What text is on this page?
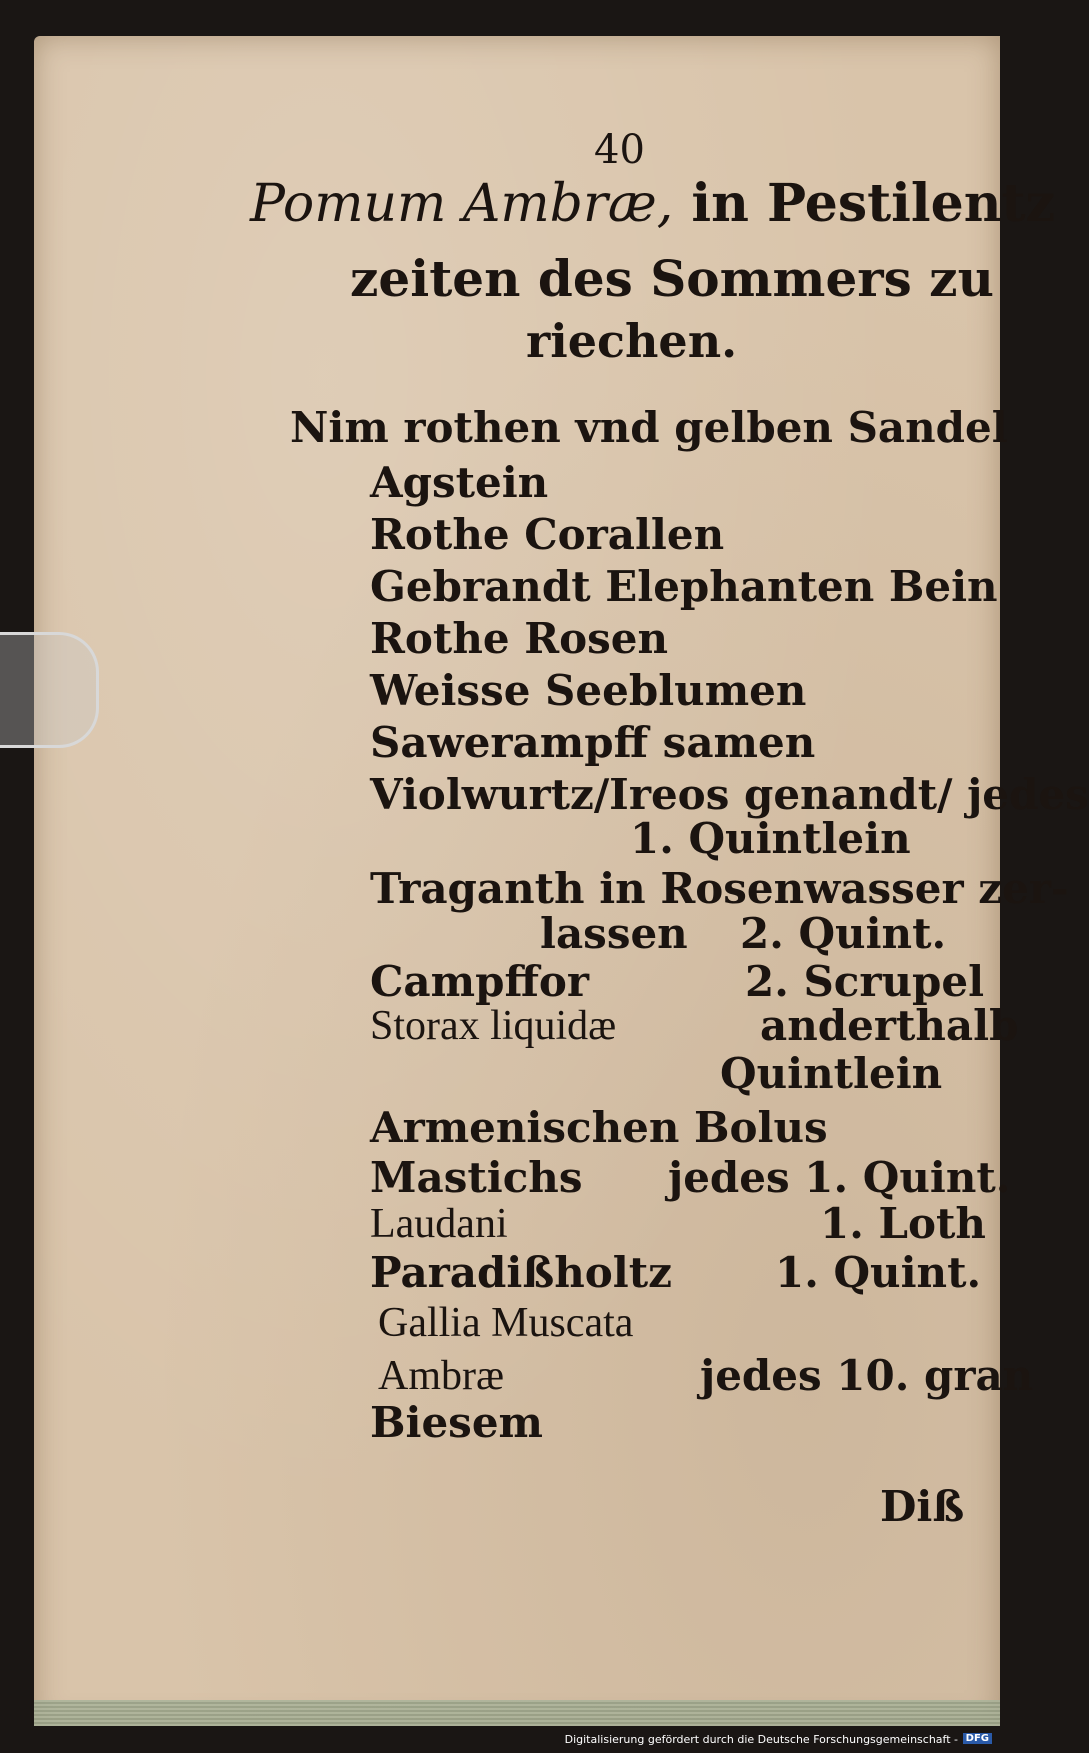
40
Pomum Ambræ, in Pestilentz
zeiten des Sommers zu
riechen.
Nim rothen vnd gelben Sandel
Agstein
Rothe Corallen
Gebrandt Elephanten Bein
Rothe Rosen
Weisse Seeblumen
Sawerampff samen
Violwurtz/Ireos genandt/ jedes
1. Quintlein
Traganth in Rosenwasser zer-
lassen 2. Quint.
Campffor	2. Scrupel
Storax liquidæ	anderthalb
Quintlein
Armenischen Bolus
Mastichs jedes 1. Quint.
Laudani	1. Loth
Paradißholtz 1. Quint.
Gallia Muscata
Ambræ	jedes 10. gran
Biesem
Diß
Digitalisierung gefördert durch die Deutsche Forschungsgemeinschaft - DFG
